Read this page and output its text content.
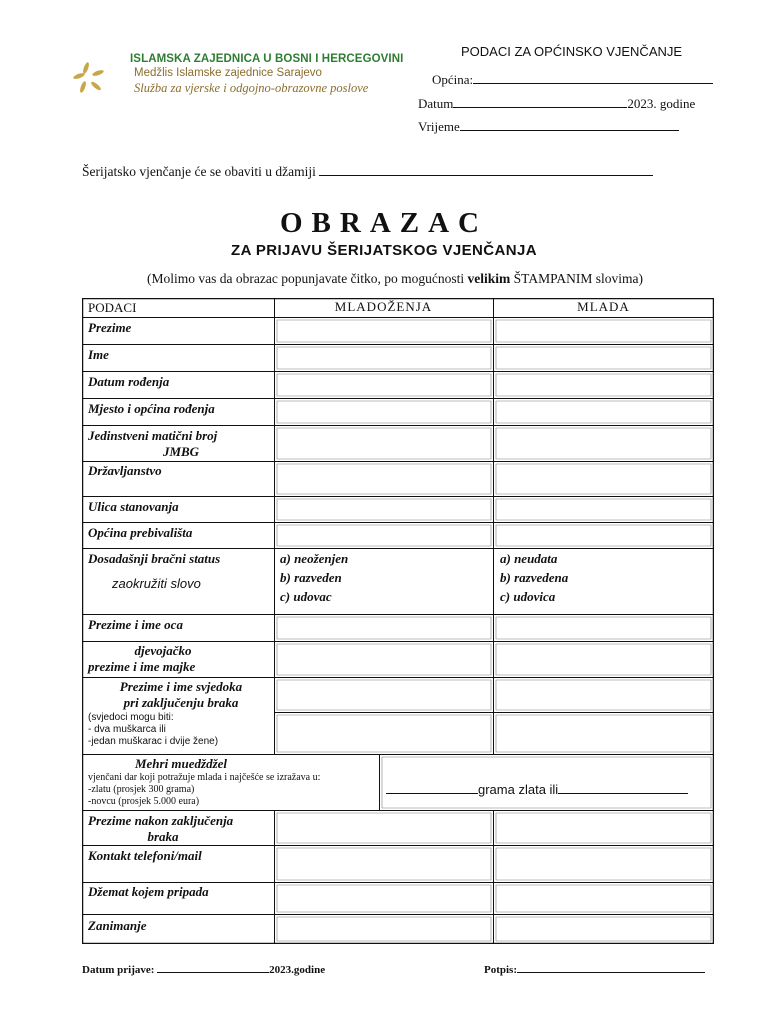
ISLAMSKA ZAJEDNICA U BOSNI I HERCEGOVINI
Medžlis Islamske zajednice Sarajevo
Služba za vjerske i odgojno-obrazovne poslove
PODACI ZA OPĆINSKO VJENČANJE
Općina:
Datum	2023. godine
Vrijeme
Šerijatsko vjenčanje će se obaviti u džamiji
OBRAZAC
ZA PRIJAVU ŠERIJATSKOG VJENČANJA
(Molimo vas da obrazac popunjavate čitko, po mogućnosti velikim ŠTAMPANIM slovima)
PODACI	MLADOŽENJA	MLADA
Prezime
Ime
Datum rođenja
Mjesto i općina rođenja
Jedinstveni matični broj
JMBG
Državljanstvo
Ulica stanovanja
Općina prebivališta
Dosadašnji bračni status
zaokružiti slovo
a) neoženjen
b) razveden
c) udovac
a) neudata
b) razvedena
c) udovica
Prezime i ime oca
djevojačko
prezime i ime majke
Prezime i ime svjedoka
pri zaključenju braka
(svjedoci mogu biti:
- dva muškarca ili
-jedan muškarac i dvije žene)
Mehri muedždžel
vjenčani dar koji potražuje mlada i najčešće se izražava u:
-zlatu (prosjek 300 grama)
-novcu (prosjek 5.000 eura)
grama zlata ili
Prezime nakon zaključenja
braka
Kontakt telefoni/mail
Džemat kojem pripada
Zanimanje
Datum prijave:	2023.godine	Potpis:
